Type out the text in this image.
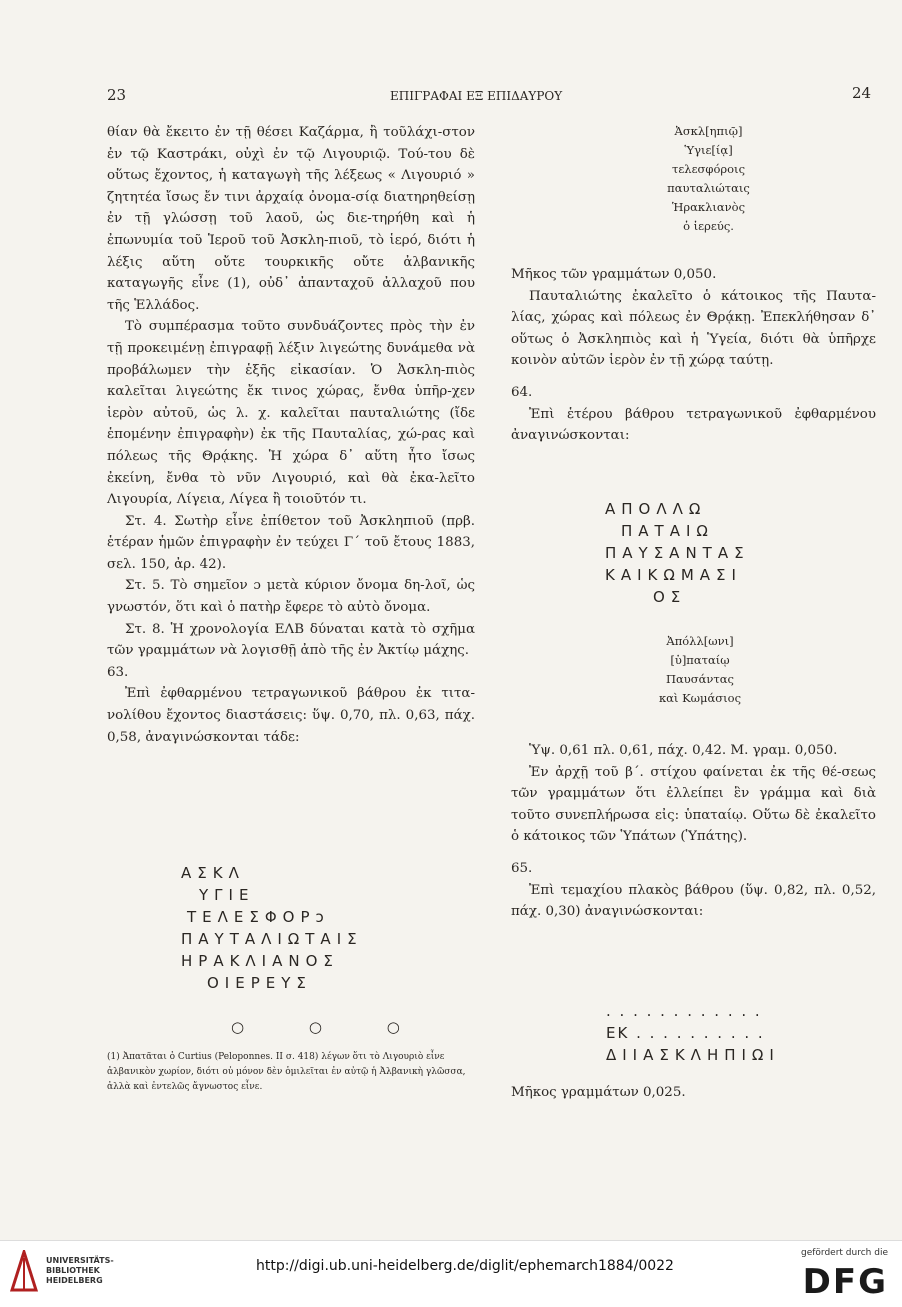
23	ΕΠΙΓΡΑΦΑΙ ΕΞ ΕΠΙΔΑΥΡΟΥ	24

θίαν θὰ ἔκειτο ἐν τῇ θέσει Καζάρμα, ἢ τοῦλάχι-στον ἐν τῷ Καστράκι, οὐχὶ ἐν τῷ Λιγουριῷ. Τού-του δὲ οὕτως ἔχοντος, ἡ καταγωγὴ τῆς λέξεως « Λιγουριό » ζητητέα ἴσως ἔν τινι ἀρχαίᾳ ὀνομα-σίᾳ διατηρηθείσῃ ἐν τῇ γλώσσῃ τοῦ λαοῦ, ὡς διε-τηρήθη καὶ ἡ ἐπωνυμία τοῦ Ἱεροῦ τοῦ Ἀσκλη-πιοῦ, τὸ ἱερό, διότι ἡ λέξις αὕτη οὔτε τουρκικῆς οὔτε ἀλβανικῆς καταγωγῆς εἶνε (1), οὐδ᾽ ἀπανταχοῦ ἀλλαχοῦ που τῆς Ἑλλάδος.

Τὸ συμπέρασμα τοῦτο συνδυάζοντες πρὸς τὴν ἐν τῇ προκειμένῃ ἐπιγραφῇ λέξιν λιγεώτης δυνάμεθα νὰ προβάλωμεν τὴν ἑξῆς εἰκασίαν. Ὁ Ἀσκλη-πιὸς καλεῖται λιγεώτης ἔκ τινος χώρας, ἔνθα ὑπῆρ-χεν ἱερὸν αὐτοῦ, ὡς λ. χ. καλεῖται παυταλιώτης (ἴδε ἑπομένην ἐπιγραφὴν) ἐκ τῆς Παυταλίας, χώ-ρας καὶ πόλεως τῆς Θρᾴκης. Ἡ χώρα δ᾽ αὕτη ἦτο ἴσως ἐκείνη, ἔνθα τὸ νῦν Λιγουριό, καὶ θὰ ἐκα-λεῖτο Λιγουρία, Λίγεια, Λίγεα ἢ τοιοῦτόν τι.

Στ. 4. Σωτὴρ εἶνε ἐπίθετον τοῦ Ἀσκληπιοῦ (πρβ. ἑτέραν ἡμῶν ἐπιγραφὴν ἐν τεύχει Γ´ τοῦ ἔτους 1883, σελ. 150, ἀρ. 42).

Στ. 5. Τὸ σημεῖον ɔ μετὰ κύριον ὄνομα δη-λοῖ, ὡς γνωστόν, ὅτι καὶ ὁ πατὴρ ἔφερε τὸ αὐτὸ ὄνομα.

Στ. 8. Ἡ χρονολογία ΕΛΒ δύναται κατὰ τὸ σχῆμα τῶν γραμμάτων νὰ λογισθῇ ἀπὸ τῆς ἐν Ἀκτίῳ μάχης.

63.

Ἐπὶ ἐφθαρμένου τετραγωνικοῦ βάθρου ἐκ τιτα-νολίθου ἔχοντος διαστάσεις: ὕψ. 0,70, πλ. 0,63, πάχ. 0,58, ἀναγινώσκονται τάδε:

ΑΣΚΛ
ΥΓΙΕ
ΤΕΛΕΣΦΟΡɔ
ΠΑΥΤΑΛΙΩΤΑΙΣ
ΗΡΑΚΛΙΑΝΟΣ
ΟΙΕΡΕΥΣ
○ ○ ○
(1) Ἀπατᾶται ὁ Curtius (Peloponnes. II σ. 418) λέγων ὅτι τὸ Λιγουριὸ εἶνε ἀλβανικὸν χωρίον, διότι οὐ μόνον δὲν ὁμιλεῖται ἐν αὐτῷ ἡ Ἀλβανικὴ γλῶσσα, ἀλλὰ καὶ ἐντελῶς ἄγνωστος εἶνε.
Ἀσκλ[ηπιῷ]
Ὑγιε[ίᾳ]
τελεσφόροις
παυταλιώταις
Ἡρακλιανὸς
ὁ ἱερεύς.

Μῆκος τῶν γραμμάτων 0,050.

Παυταλιώτης ἐκαλεῖτο ὁ κάτοικος τῆς Παυτα-λίας, χώρας καὶ πόλεως ἐν Θρᾴκῃ. Ἐπεκλήθησαν δ᾽ οὕτως ὁ Ἀσκληπιὸς καὶ ἡ Ὑγεία, διότι θὰ ὑπῆρχε κοινὸν αὐτῶν ἱερὸν ἐν τῇ χώρᾳ ταύτῃ.

64.

Ἐπὶ ἑτέρου βάθρου τετραγωνικοῦ ἐφθαρμένου ἀναγινώσκονται:

ΑΠΟΛΛΩ
ΠΑΤΑΙΩ
ΠΑΥΣΑΝΤΑΣ
ΚΑΙΚΩΜΑΣΙ
ΟΣ
Ἀπόλλ[ωνι]
[ὑ]παταίῳ
Παυσάντας
καὶ Κωμάσιος

Ὑψ. 0,61 πλ. 0,61, πάχ. 0,42. Μ. γραμ. 0,050.

Ἐν ἀρχῇ τοῦ β´. στίχου φαίνεται ἐκ τῆς θέ-σεως τῶν γραμμάτων ὅτι ἐλλείπει ἓν γράμμα καὶ διὰ τοῦτο συνεπλήρωσα εἰς: ὑπαταίῳ. Οὕτω δὲ ἐκαλεῖτο ὁ κάτοικος τῶν Ὑπάτων (Ὑπάτης).

65.

Ἐπὶ τεμαχίου πλακὸς βάθρου (ὕψ. 0,82, πλ. 0,52, πάχ. 0,30) ἀναγινώσκονται:

. . . . . . . . . . . .
ΕΚ . . . . . . . . . .
ΔΙΙΑΣΚΛΗΠΙΩΙ
Μῆκος γραμμάτων 0,025.
UNIVERSITÄTS-
BIBLIOTHEK
HEIDELBERG
http://digi.ub.uni-heidelberg.de/diglit/ephemarch1884/0022
gefördert durch die
DFG
